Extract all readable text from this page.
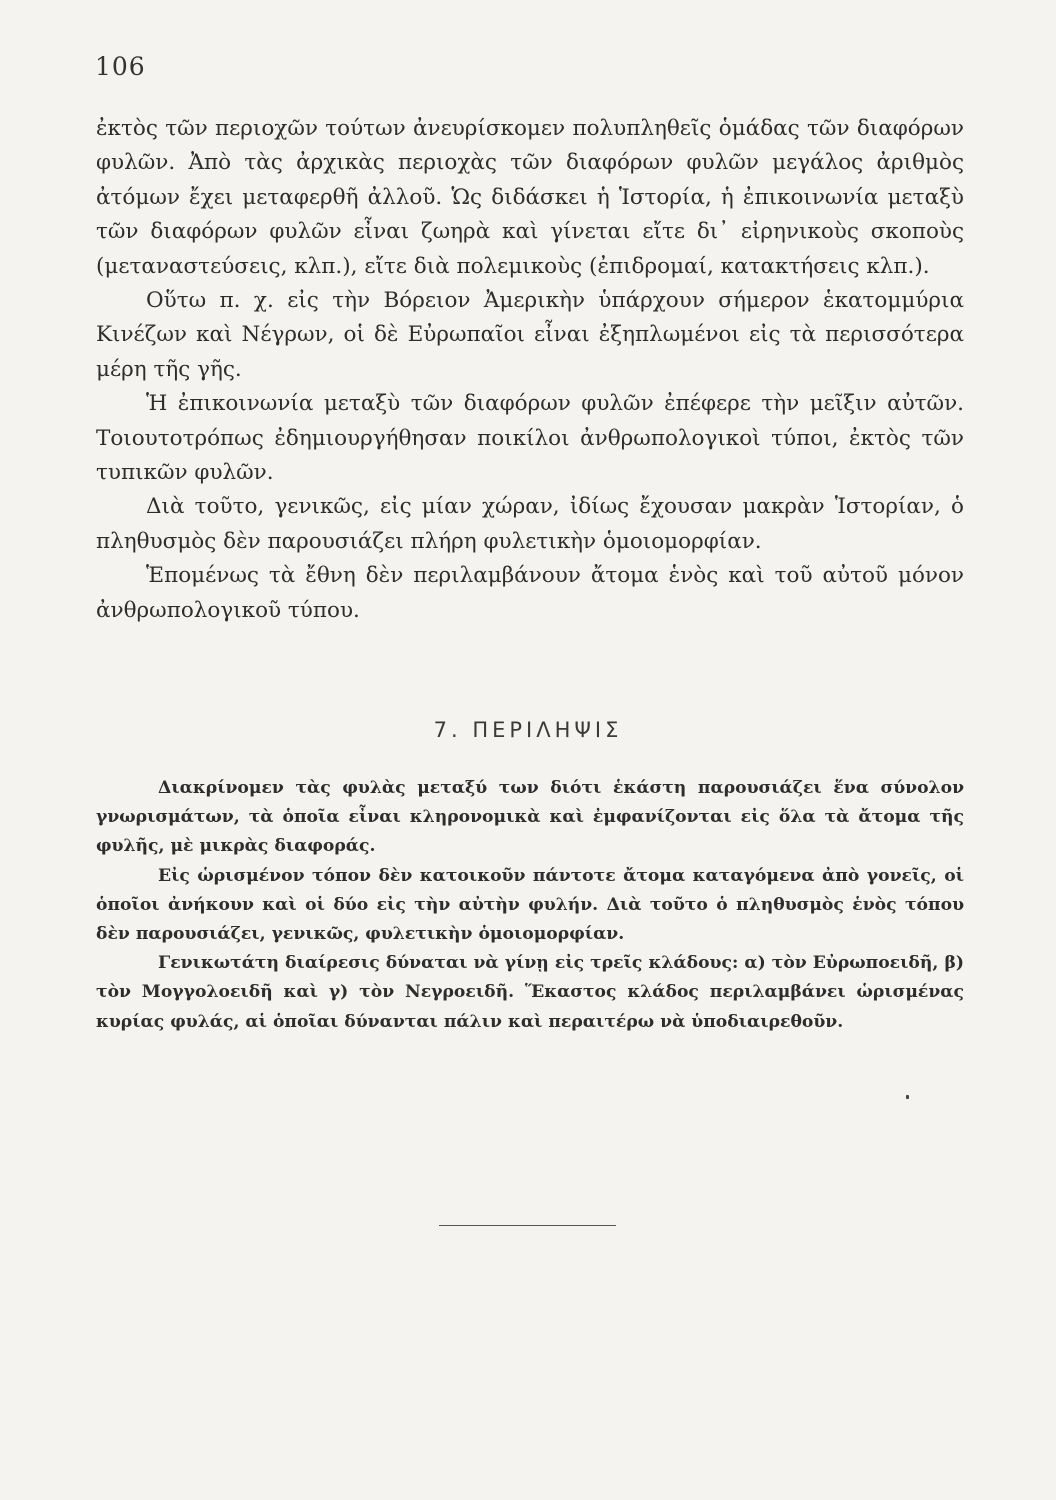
106

ἐκτὸς τῶν περιοχῶν τούτων ἀνευρίσκομεν πολυπληθεῖς ὁμάδας τῶν διαφόρων φυλῶν. Ἀπὸ τὰς ἀρχικὰς περιοχὰς τῶν διαφόρων φυλῶν μεγάλος ἀριθμὸς ἀτόμων ἔχει μεταφερθῆ ἀλλοῦ. Ὡς διδάσκει ἡ Ἱστορία, ἡ ἐπικοινωνία μεταξὺ τῶν διαφόρων φυλῶν εἶναι ζωηρὰ καὶ γίνεται εἴτε δι᾽ εἰρηνικοὺς σκοποὺς (μεταναστεύσεις, κλπ.), εἴτε διὰ πολεμικοὺς (ἐπιδρομαί, κατακτήσεις κλπ.).

Οὕτω π. χ. εἰς τὴν Βόρειον Ἀμερικὴν ὑπάρχουν σήμερον ἑκατομμύρια Κινέζων καὶ Νέγρων, οἱ δὲ Εὐρωπαῖοι εἶναι ἐξηπλωμένοι εἰς τὰ περισσότερα μέρη τῆς γῆς.

Ἡ ἐπικοινωνία μεταξὺ τῶν διαφόρων φυλῶν ἐπέφερε τὴν μεῖξιν αὐτῶν. Τοιουτοτρόπως ἐδημιουργήθησαν ποικίλοι ἀνθρωπολογικοὶ τύποι, ἐκτὸς τῶν τυπικῶν φυλῶν.

Διὰ τοῦτο, γενικῶς, εἰς μίαν χώραν, ἰδίως ἔχουσαν μακρὰν Ἱστορίαν, ὁ πληθυσμὸς δὲν παρουσιάζει πλήρη φυλετικὴν ὁμοιομορφίαν.

Ἑπομένως τὰ ἔθνη δὲν περιλαμβάνουν ἄτομα ἑνὸς καὶ τοῦ αὐτοῦ μόνον ἀνθρωπολογικοῦ τύπου.

7. ΠΕΡΙΛΗΨΙΣ

Διακρίνομεν τὰς φυλὰς μεταξύ των διότι ἑκάστη παρουσιάζει ἕνα σύνολον γνωρισμάτων, τὰ ὁποῖα εἶναι κληρονομικὰ καὶ ἐμφανίζονται εἰς ὅλα τὰ ἄτομα τῆς φυλῆς, μὲ μικρὰς διαφοράς.

Εἰς ὡρισμένον τόπον δὲν κατοικοῦν πάντοτε ἄτομα καταγόμενα ἀπὸ γονεῖς, οἱ ὁποῖοι ἀνήκουν καὶ οἱ δύο εἰς τὴν αὐτὴν φυλήν. Διὰ τοῦτο ὁ πληθυσμὸς ἑνὸς τόπου δὲν παρουσιάζει, γενικῶς, φυλετικὴν ὁμοιομορφίαν.

Γενικωτάτη διαίρεσις δύναται νὰ γίνῃ εἰς τρεῖς κλάδους: α) τὸν Εὐρωποειδῆ, β) τὸν Μογγολοειδῆ καὶ γ) τὸν Νεγροειδῆ. Ἕκαστος κλάδος περιλαμβάνει ὡρισμένας κυρίας φυλάς, αἱ ὁποῖαι δύνανται πάλιν καὶ περαιτέρω νὰ ὑποδιαιρεθοῦν.
